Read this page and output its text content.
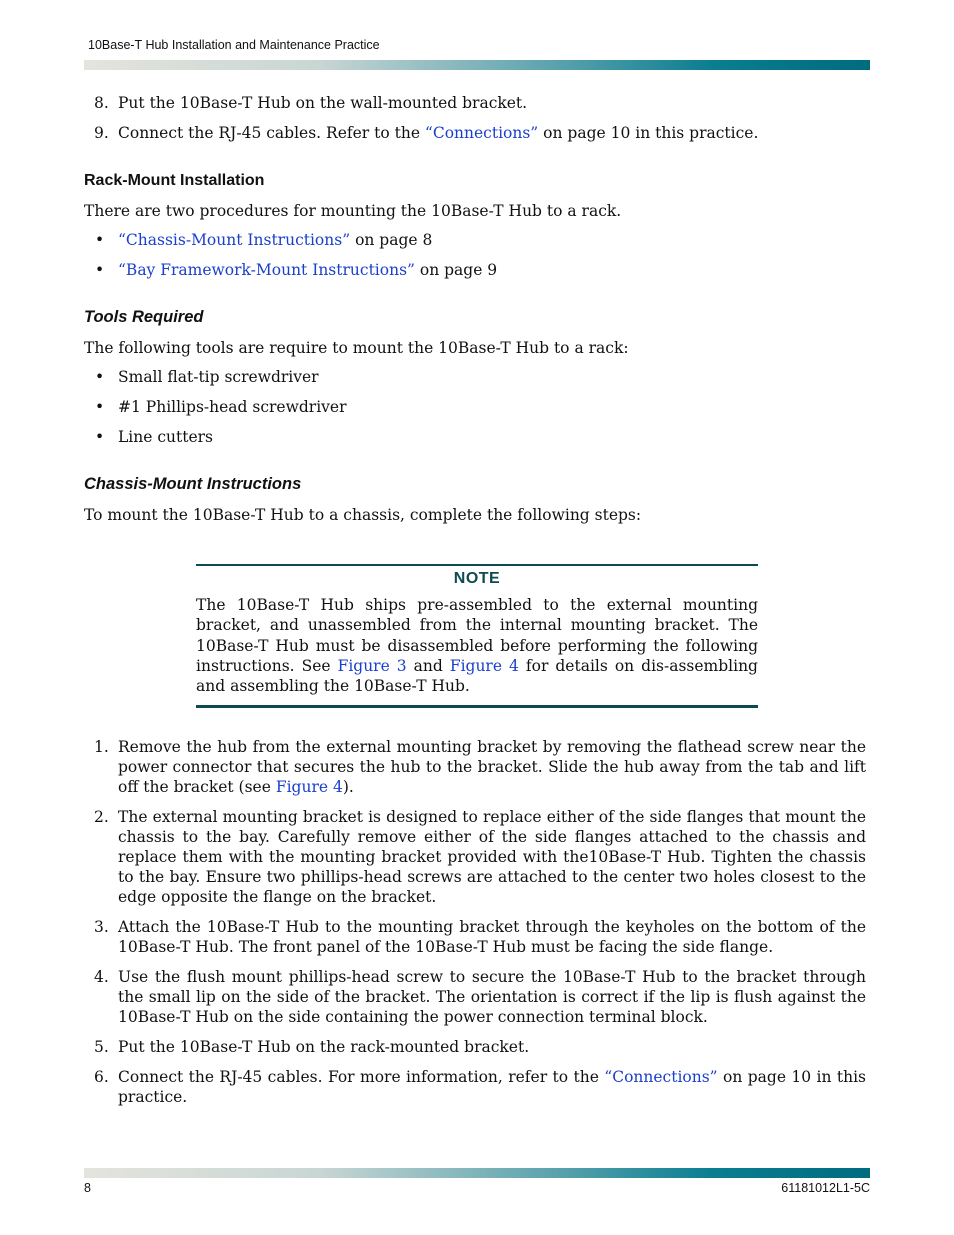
10Base-T Hub Installation and Maintenance Practice
8. Put the 10Base-T Hub on the wall-mounted bracket.
9. Connect the RJ-45 cables. Refer to the “Connections” on page 10 in this practice.
Rack-Mount Installation
There are two procedures for mounting the 10Base-T Hub to a rack.
• “Chassis-Mount Instructions” on page 8
• “Bay Framework-Mount Instructions” on page 9
Tools Required
The following tools are require to mount the 10Base-T Hub to a rack:
• Small flat-tip screwdriver
• #1 Phillips-head screwdriver
• Line cutters
Chassis-Mount Instructions
To mount the 10Base-T Hub to a chassis, complete the following steps:
NOTE
The 10Base-T Hub ships pre-assembled to the external mounting bracket, and unassembled from the internal mounting bracket. The 10Base-T Hub must be disassembled before performing the following instructions. See Figure 3 and Figure 4 for details on dis-assembling and assembling the 10Base-T Hub.
1. Remove the hub from the external mounting bracket by removing the flathead screw near the power connector that secures the hub to the bracket. Slide the hub away from the tab and lift off the bracket (see Figure 4).
2. The external mounting bracket is designed to replace either of the side flanges that mount the chassis to the bay. Carefully remove either of the side flanges attached to the chassis and replace them with the mounting bracket provided with the10Base-T Hub. Tighten the chassis to the bay. Ensure two phillips-head screws are attached to the center two holes closest to the edge opposite the flange on the bracket.
3. Attach the 10Base-T Hub to the mounting bracket through the keyholes on the bottom of the 10Base-T Hub. The front panel of the 10Base-T Hub must be facing the side flange.
4. Use the flush mount phillips-head screw to secure the 10Base-T Hub to the bracket through the small lip on the side of the bracket. The orientation is correct if the lip is flush against the 10Base-T Hub on the side containing the power connection terminal block.
5. Put the 10Base-T Hub on the rack-mounted bracket.
6. Connect the RJ-45 cables. For more information, refer to the “Connections” on page 10 in this practice.
8	61181012L1-5C
